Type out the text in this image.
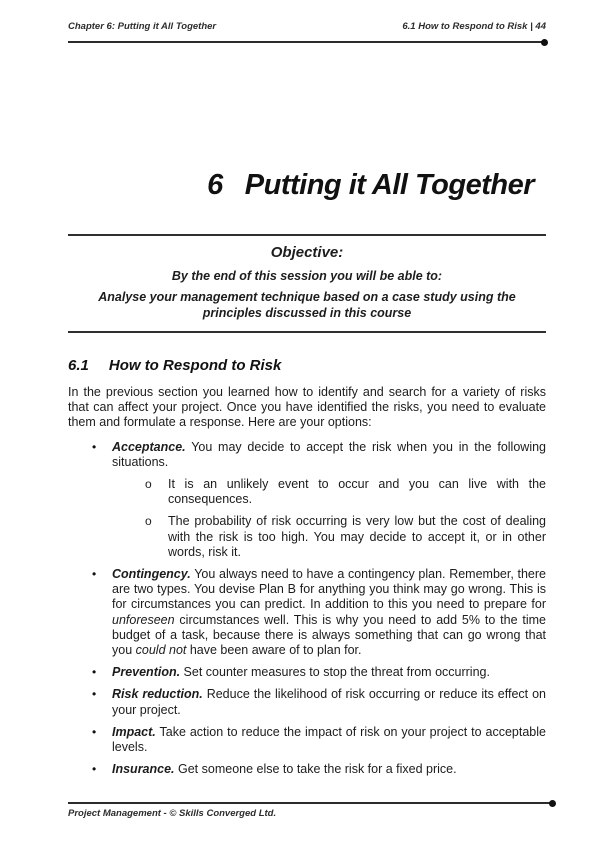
Chapter 6: Putting it All Together	6.1 How to Respond to Risk | 44
6 Putting it All Together
Objective:
By the end of this session you will be able to:
Analyse your management technique based on a case study using the principles discussed in this course
6.1 How to Respond to Risk
In the previous section you learned how to identify and search for a variety of risks that can affect your project. Once you have identified the risks, you need to evaluate them and formulate a response. Here are your options:
•	Acceptance. You may decide to accept the risk when you in the following situations.
o	It is an unlikely event to occur and you can live with the consequences.
o	The probability of risk occurring is very low but the cost of dealing with the risk is too high. You may decide to accept it, or in other words, risk it.
•	Contingency. You always need to have a contingency plan. Remember, there are two types. You devise Plan B for anything you think may go wrong. This is for circumstances you can predict. In addition to this you need to prepare for unforeseen circumstances well. This is why you need to add 5% to the time budget of a task, because there is always something that can go wrong that you could not have been aware of to plan for.
•	Prevention. Set counter measures to stop the threat from occurring.
•	Risk reduction. Reduce the likelihood of risk occurring or reduce its effect on your project.
•	Impact. Take action to reduce the impact of risk on your project to acceptable levels.
•	Insurance. Get someone else to take the risk for a fixed price.
Project Management - © Skills Converged Ltd.
